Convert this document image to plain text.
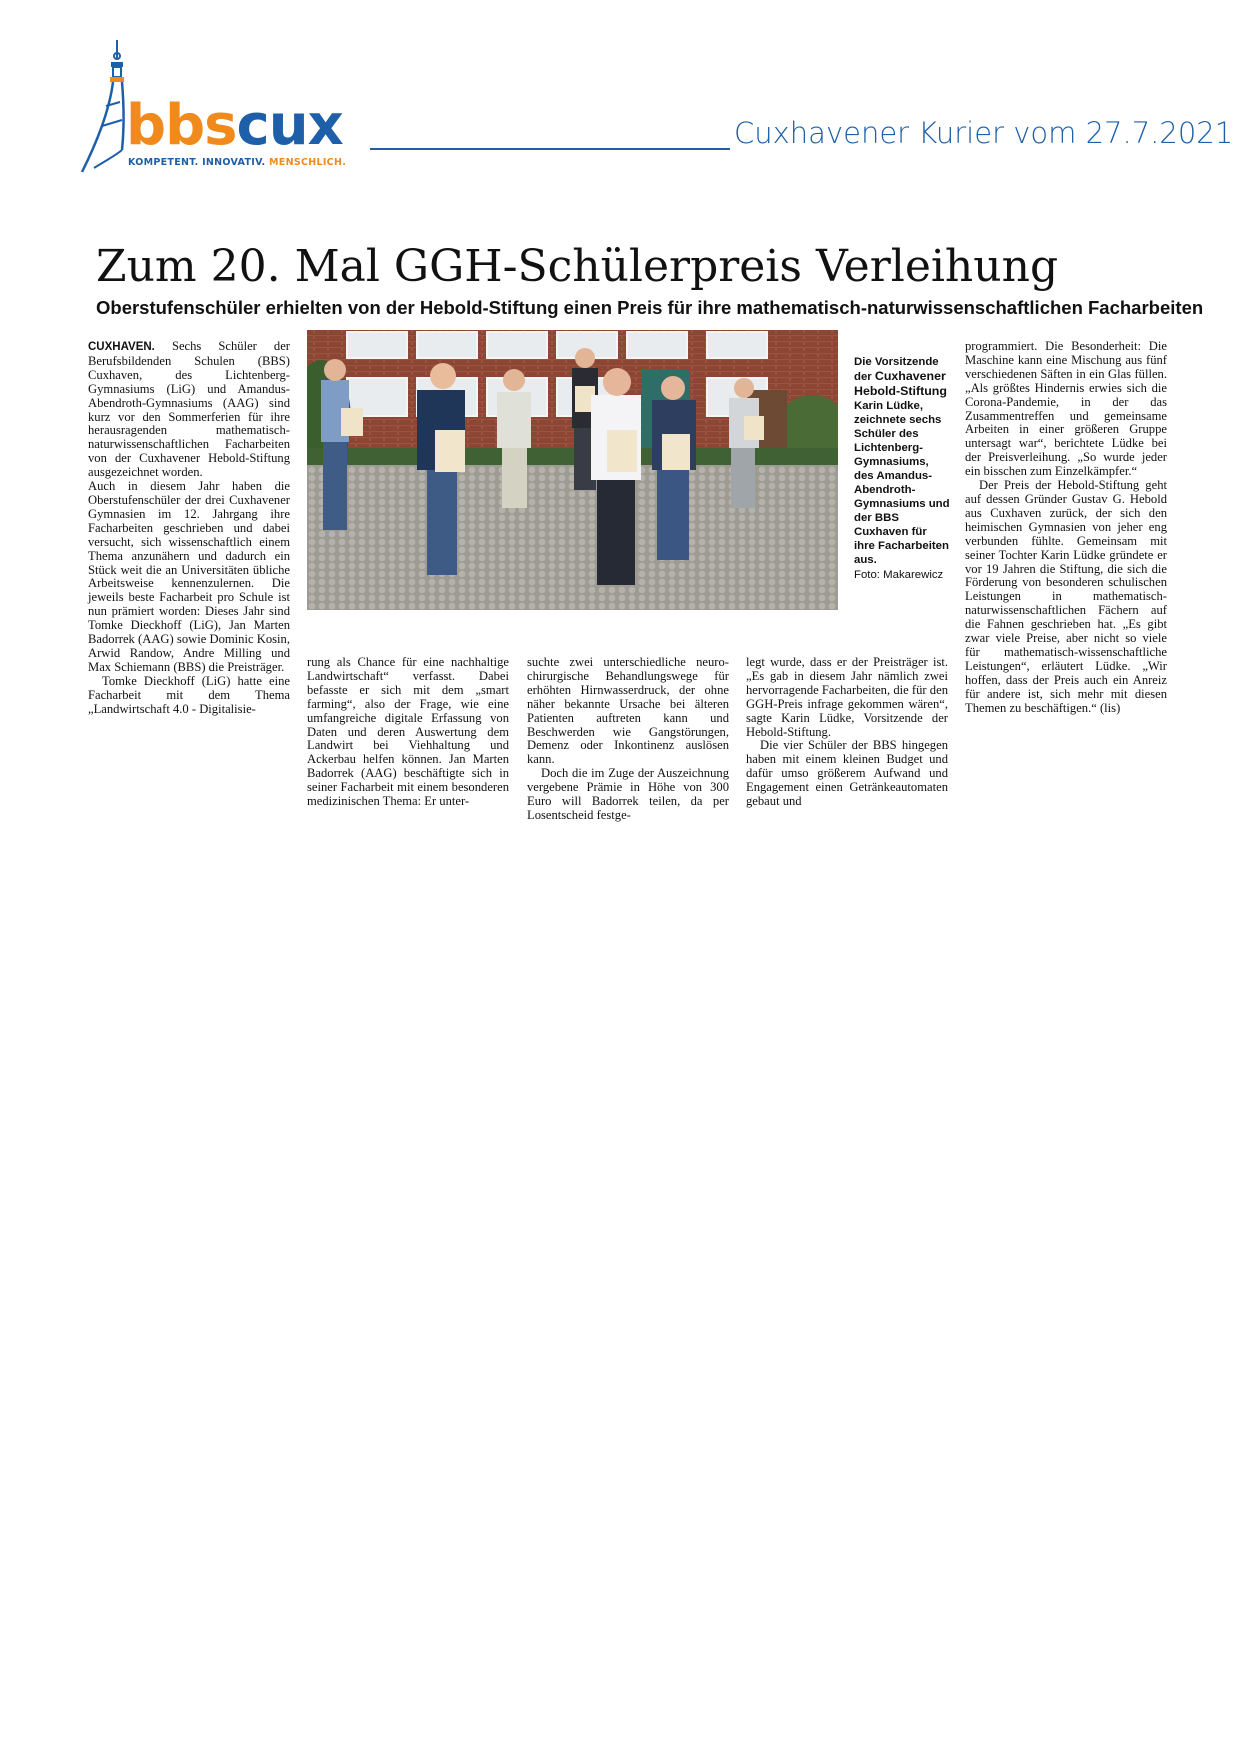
bbscux
KOMPETENT. INNOVATIV. MENSCHLICH.
Cuxhavener Kurier vom 27.7.2021
Zum 20. Mal GGH-Schülerpreis Verleihung
Oberstufenschüler erhielten von der Hebold-Stiftung einen Preis für ihre mathematisch-naturwissenschaftlichen Facharbeiten

CUXHAVEN. Sechs Schüler der Berufsbildenden Schulen (BBS) Cuxhaven, des Lichtenberg-Gymnasiums (LiG) und Amandus-Abendroth-Gymnasiums (AAG) sind kurz vor den Sommerferien für ihre herausragenden mathematisch-naturwissenschaftlichen Facharbeiten von der Cuxhavener Hebold-Stiftung ausgezeichnet worden.

Auch in diesem Jahr haben die Oberstufenschüler der drei Cuxhavener Gymnasien im 12. Jahrgang ihre Facharbeiten geschrieben und dabei versucht, sich wissenschaftlich einem Thema anzunähern und dadurch ein Stück weit die an Universitäten übliche Arbeitsweise kennenzulernen. Die jeweils beste Facharbeit pro Schule ist nun prämiert worden: Dieses Jahr sind Tomke Dieckhoff (LiG), Jan Marten Badorrek (AAG) sowie Dominic Kosin, Arwid Randow, Andre Milling und Max Schiemann (BBS) die Preisträger.

Tomke Dieckhoff (LiG) hatte eine Facharbeit mit dem Thema „Landwirtschaft 4.0 - Digitalisie-

Die Vorsitzende der Cuxhavener Hebold-Stiftung Karin Lüdke, zeichnete sechs Schüler des Lichtenberg-Gymnasiums, des Amandus-Abendroth-Gymnasiums und der BBS Cuxhaven für ihre Facharbeiten aus.
Foto: Makarewicz

rung als Chance für eine nachhaltige Landwirtschaft“ verfasst. Dabei befasste er sich mit dem „smart farming“, also der Frage, wie eine umfangreiche digitale Erfassung von Daten und deren Auswertung dem Landwirt bei Viehhaltung und Ackerbau helfen können. Jan Marten Badorrek (AAG) beschäftigte sich in seiner Facharbeit mit einem besonderen medizinischen Thema: Er unter-

suchte zwei unterschiedliche neuro-chirurgische Behandlungswege für erhöhten Hirnwasserdruck, der ohne näher bekannte Ursache bei älteren Patienten auftreten kann und Beschwerden wie Gangstörungen, Demenz oder Inkontinenz auslösen kann.

Doch die im Zuge der Auszeichnung vergebene Prämie in Höhe von 300 Euro will Badorrek teilen, da per Losentscheid festge-

legt wurde, dass er der Preisträger ist. „Es gab in diesem Jahr nämlich zwei hervorragende Facharbeiten, die für den GGH-Preis infrage gekommen wären“, sagte Karin Lüdke, Vorsitzende der Hebold-Stiftung.

Die vier Schüler der BBS hingegen haben mit einem kleinen Budget und dafür umso größerem Aufwand und Engagement einen Getränkeautomaten gebaut und

programmiert. Die Besonderheit: Die Maschine kann eine Mischung aus fünf verschiedenen Säften in ein Glas füllen. „Als größtes Hindernis erwies sich die Corona-Pandemie, in der das Zusammentreffen und gemeinsame Arbeiten in einer größeren Gruppe untersagt war“, berichtete Lüdke bei der Preisverleihung. „So wurde jeder ein bisschen zum Einzelkämpfer.“

Der Preis der Hebold-Stiftung geht auf dessen Gründer Gustav G. Hebold aus Cuxhaven zurück, der sich den heimischen Gymnasien von jeher eng verbunden fühlte. Gemeinsam mit seiner Tochter Karin Lüdke gründete er vor 19 Jahren die Stiftung, die sich die Förderung von besonderen schulischen Leistungen in mathematisch-naturwissenschaftlichen Fächern auf die Fahnen geschrieben hat. „Es gibt zwar viele Preise, aber nicht so viele für mathematisch-wissenschaftliche Leistungen“, erläutert Lüdke. „Wir hoffen, dass der Preis auch ein Anreiz für andere ist, sich mehr mit diesen Themen zu beschäftigen.“ (lis)
